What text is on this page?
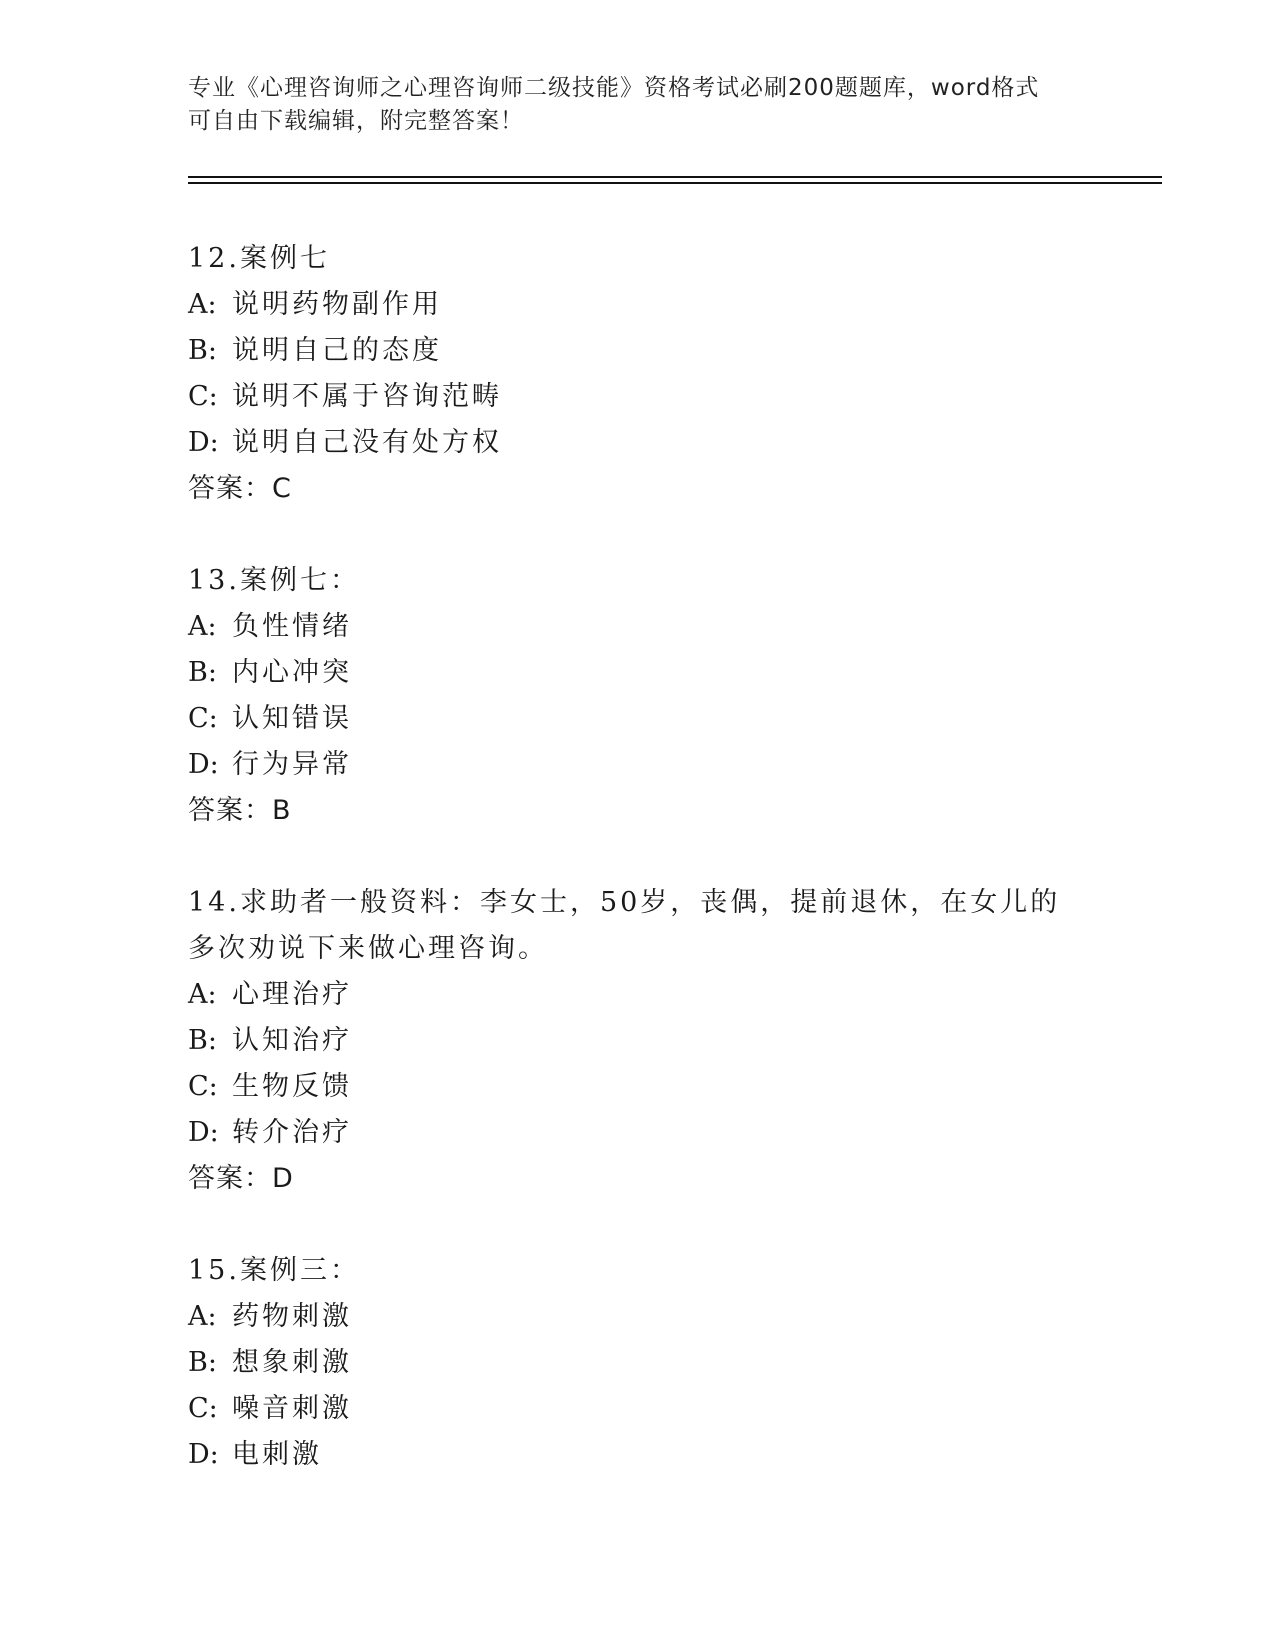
专业《心理咨询师之心理咨询师二级技能》资格考试必刷200题题库，word格式
可自由下载编辑，附完整答案！
12.案例七
A: 说明药物副作用
B: 说明自己的态度
C: 说明不属于咨询范畴
D: 说明自己没有处方权
答案：C
13.案例七：
A: 负性情绪
B: 内心冲突
C: 认知错误
D: 行为异常
答案：B
14.求助者一般资料：李女士，50岁，丧偶，提前退休，在女儿的多次劝说下来做心理咨询。
A: 心理治疗
B: 认知治疗
C: 生物反馈
D: 转介治疗
答案：D
15.案例三：
A: 药物刺激
B: 想象刺激
C: 噪音刺激
D: 电刺激
